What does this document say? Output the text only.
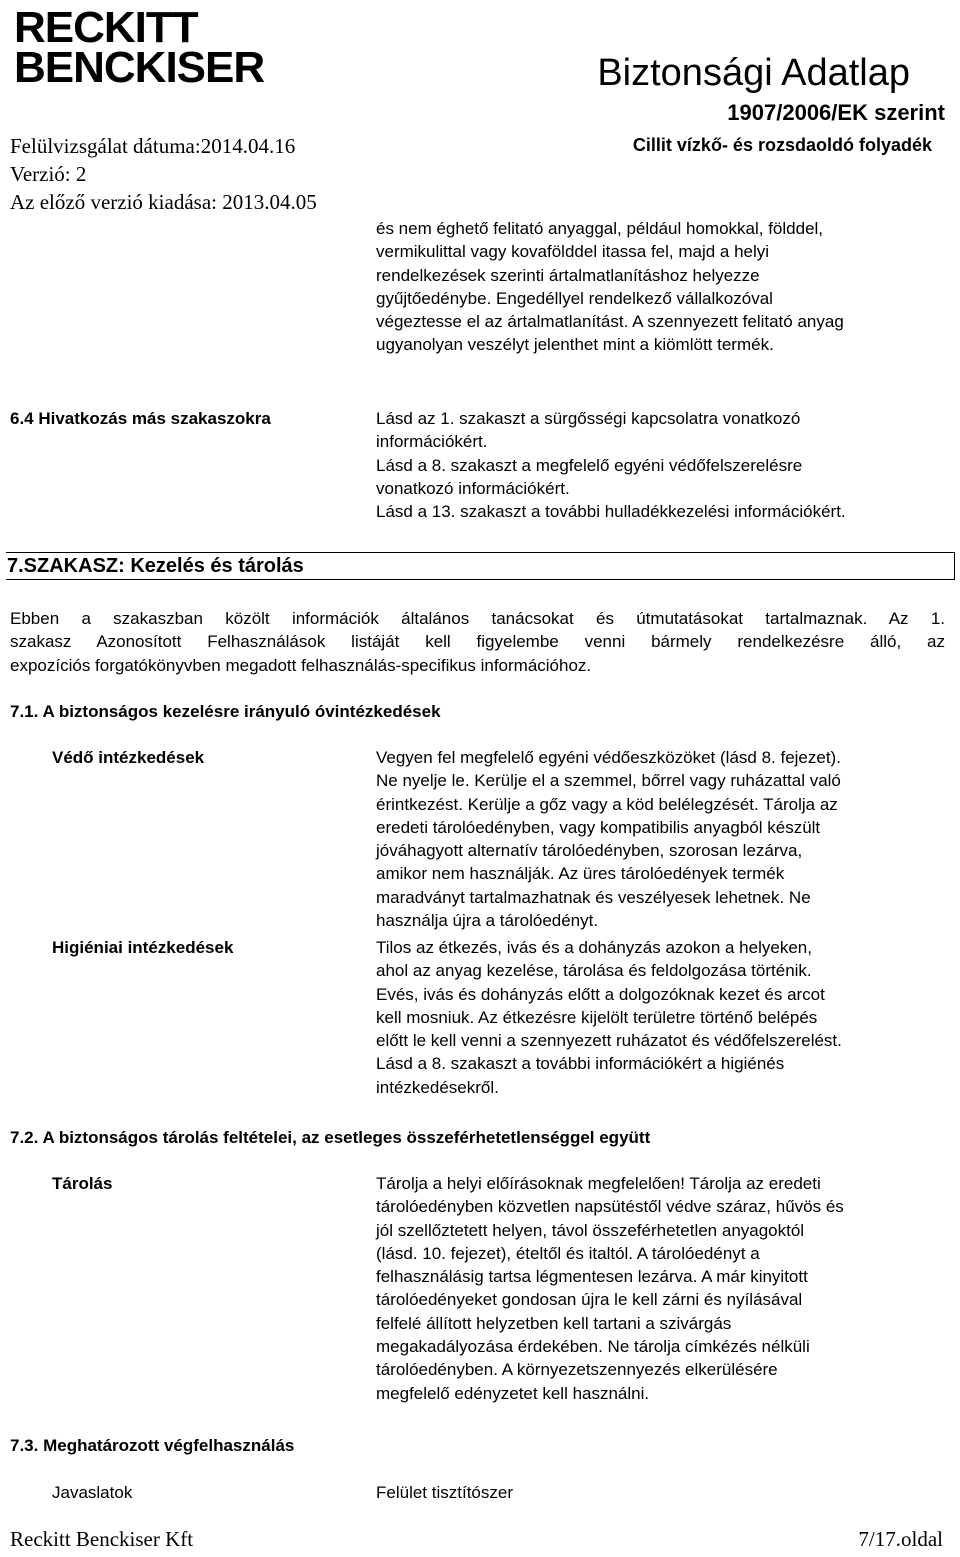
RECKITT
BENCKISER	Biztonsági Adatlap
1907/2006/EK szerint
Cillit vízkő- és rozsdaoldó folyadék
Felülvizsgálat dátuma:2014.04.16
Verzió: 2
Az előző verzió kiadása: 2013.04.05
és nem éghető felitató anyaggal, például homokkal, földdel,
vermikulittal vagy kovafölddel itassa fel, majd a helyi
rendelkezések szerinti ártalmatlanításhoz helyezze
gyűjtőedénybe. Engedéllyel rendelkező vállalkozóval
végeztesse el az ártalmatlanítást. A szennyezett felitató anyag
ugyanolyan veszélyt jelenthet mint a kiömlött termék.
6.4 Hivatkozás más szakaszokra	Lásd az 1. szakaszt a sürgősségi kapcsolatra vonatkozó
információkért.
Lásd a 8. szakaszt a megfelelő egyéni védőfelszerelésre
vonatkozó információkért.
Lásd a 13. szakaszt a további hulladékkezelési információkért.
7.SZAKASZ: Kezelés és tárolás
Ebben a szakaszban közölt információk általános tanácsokat és útmutatásokat tartalmaznak. Az 1.
szakasz Azonosított Felhasználások listáját kell figyelembe venni bármely rendelkezésre álló, az
expozíciós forgatókönyvben megadott felhasználás-specifikus információhoz.
7.1. A biztonságos kezelésre irányuló óvintézkedések
Védő intézkedések	Vegyen fel megfelelő egyéni védőeszközöket (lásd 8. fejezet).
Ne nyelje le. Kerülje el a szemmel, bőrrel vagy ruházattal való
érintkezést. Kerülje a gőz vagy a köd belélegzését. Tárolja az
eredeti tárolóedényben, vagy kompatibilis anyagból készült
jóváhagyott alternatív tárolóedényben, szorosan lezárva,
amikor nem használják. Az üres tárolóedények termék
maradványt tartalmazhatnak és veszélyesek lehetnek. Ne
használja újra a tárolóedényt.
Higiéniai intézkedések	Tilos az étkezés, ivás és a dohányzás azokon a helyeken,
ahol az anyag kezelése, tárolása és feldolgozása történik.
Evés, ivás és dohányzás előtt a dolgozóknak kezet és arcot
kell mosniuk. Az étkezésre kijelölt területre történő belépés
előtt le kell venni a szennyezett ruházatot és védőfelszerelést.
Lásd a 8. szakaszt a további információkért a higiénés
intézkedésekről.
7.2. A biztonságos tárolás feltételei, az esetleges összeférhetetlenséggel együtt
Tárolás	Tárolja a helyi előírásoknak megfelelően! Tárolja az eredeti
tárolóedényben közvetlen napsütéstől védve száraz, hűvös és
jól szellőztetett helyen, távol összeférhetetlen anyagoktól
(lásd. 10. fejezet), ételtől és italtól. A tárolóedényt a
felhasználásig tartsa légmentesen lezárva. A már kinyitott
tárolóedényeket gondosan újra le kell zárni és nyílásával
felfelé állított helyzetben kell tartani a szivárgás
megakadályozása érdekében. Ne tárolja címkézés nélküli
tárolóedényben. A környezetszennyezés elkerülésére
megfelelő edényzetet kell használni.
7.3. Meghatározott végfelhasználás
Javaslatok	Felület tisztítószer
Reckitt Benckiser Kft	7/17.oldal
